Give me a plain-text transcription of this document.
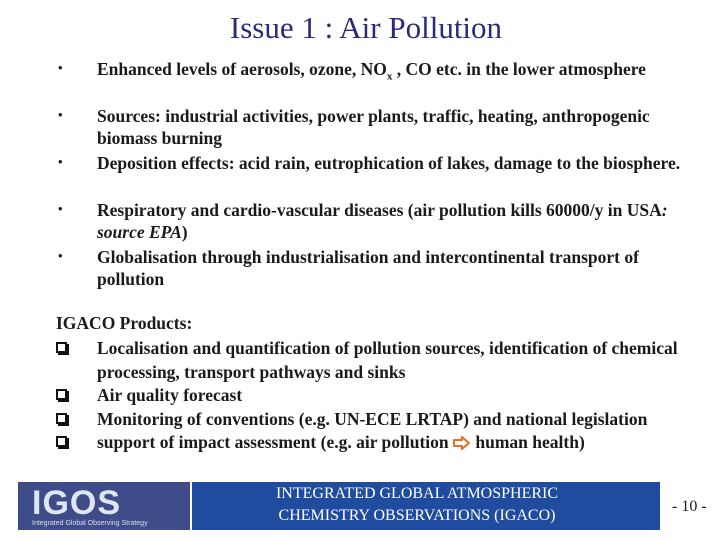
Issue 1 : Air Pollution
• Enhanced levels of aerosols, ozone, $NO_x$ , CO etc. in the lower atmosphere
• Sources: industrial activities, power plants, traffic, heating, anthropogenic biomass burning
• Deposition effects: acid rain, eutrophication of lakes, damage to the biosphere.
• Respiratory and cardio-vascular diseases (air pollution kills 60000/y in USA: source EPA)
• Globalisation through industrialisation and intercontinental transport of pollution
IGACO Products:
Localisation and quantification of pollution sources, identification of chemical processing, transport pathways and sinks
Air quality forecast
Monitoring of conventions (e.g. UN-ECE LRTAP) and national legislation
support of impact assessment (e.g. air pollution  human health)
IGOS
Integrated Global Observing Strategy
INTEGRATED GLOBAL ATMOSPHERIC
CHEMISTRY OBSERVATIONS (IGACO)
- 10 -
